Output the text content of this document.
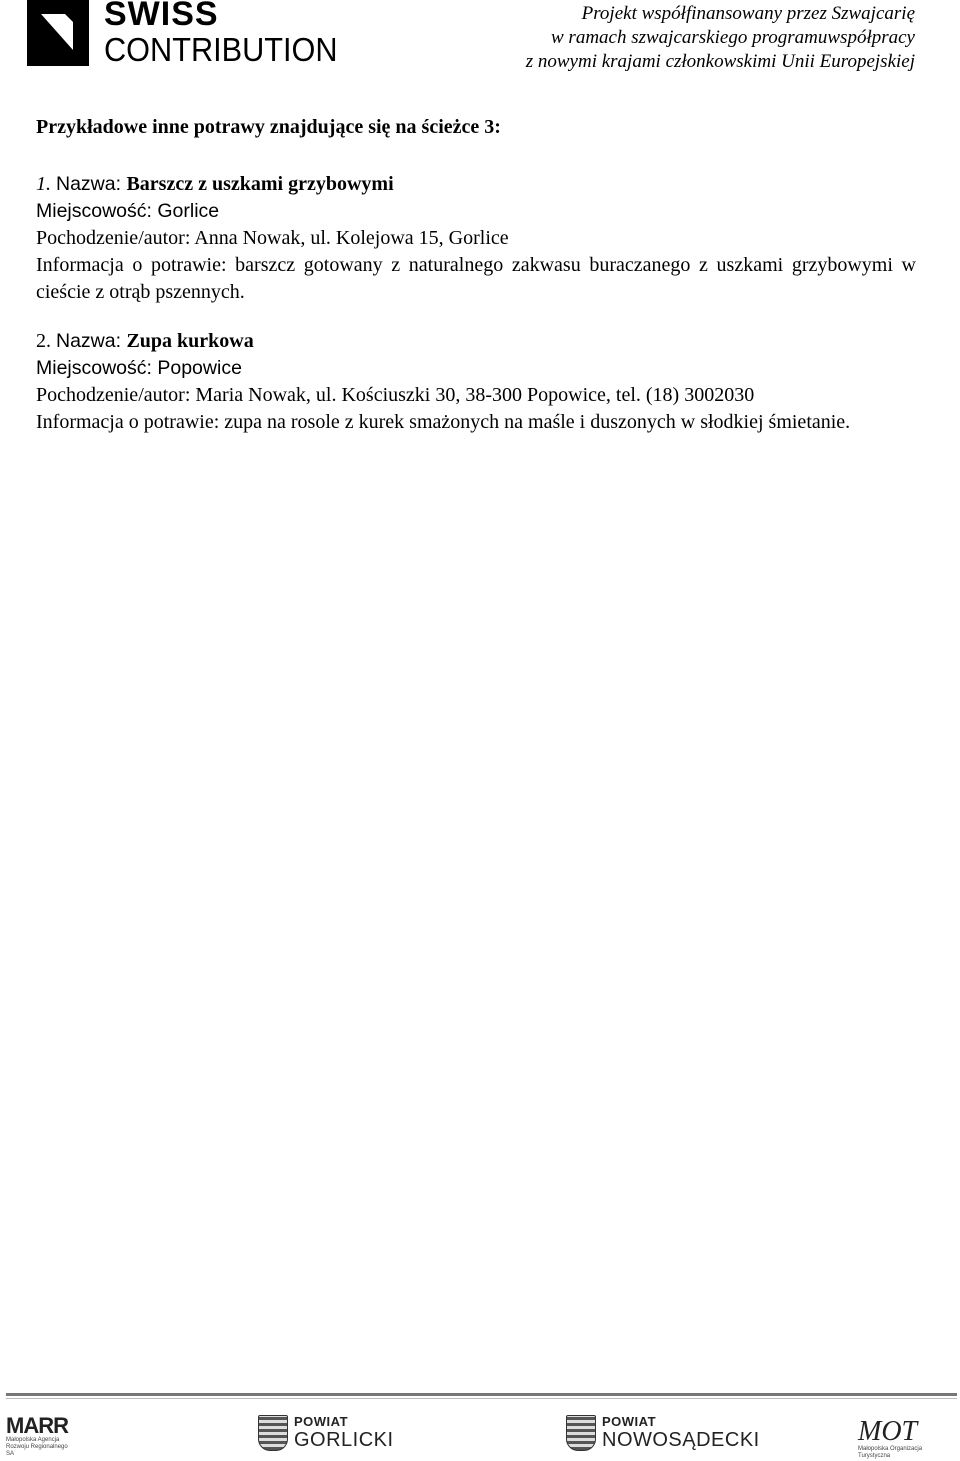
SWISS
CONTRIBUTION
Projekt współfinansowany przez Szwajcarię
w ramach szwajcarskiego programuwspółpracy
z nowymi krajami członkowskimi Unii Europejskiej
Przykładowe inne potrawy znajdujące się na ścieżce 3:
1. Nazwa: Barszcz z uszkami grzybowymi
Miejscowość: Gorlice
Pochodzenie/autor: Anna Nowak, ul. Kolejowa 15, Gorlice
Informacja o potrawie: barszcz gotowany z naturalnego zakwasu buraczanego z uszkami grzybowymi w cieście z otrąb pszennych.
2. Nazwa: Zupa kurkowa
Miejscowość: Popowice
Pochodzenie/autor: Maria Nowak, ul. Kościuszki 30, 38-300 Popowice, tel. (18) 3002030
Informacja o potrawie: zupa na rosole z kurek smażonych na maśle i duszonych w słodkiej śmietanie.
MARR
Małopolska Agencja Rozwoju Regionalnego SA
POWIAT
GORLICKI
POWIAT
NOWOSĄDECKI	MOT
Małopolska Organizacja Turystyczna
